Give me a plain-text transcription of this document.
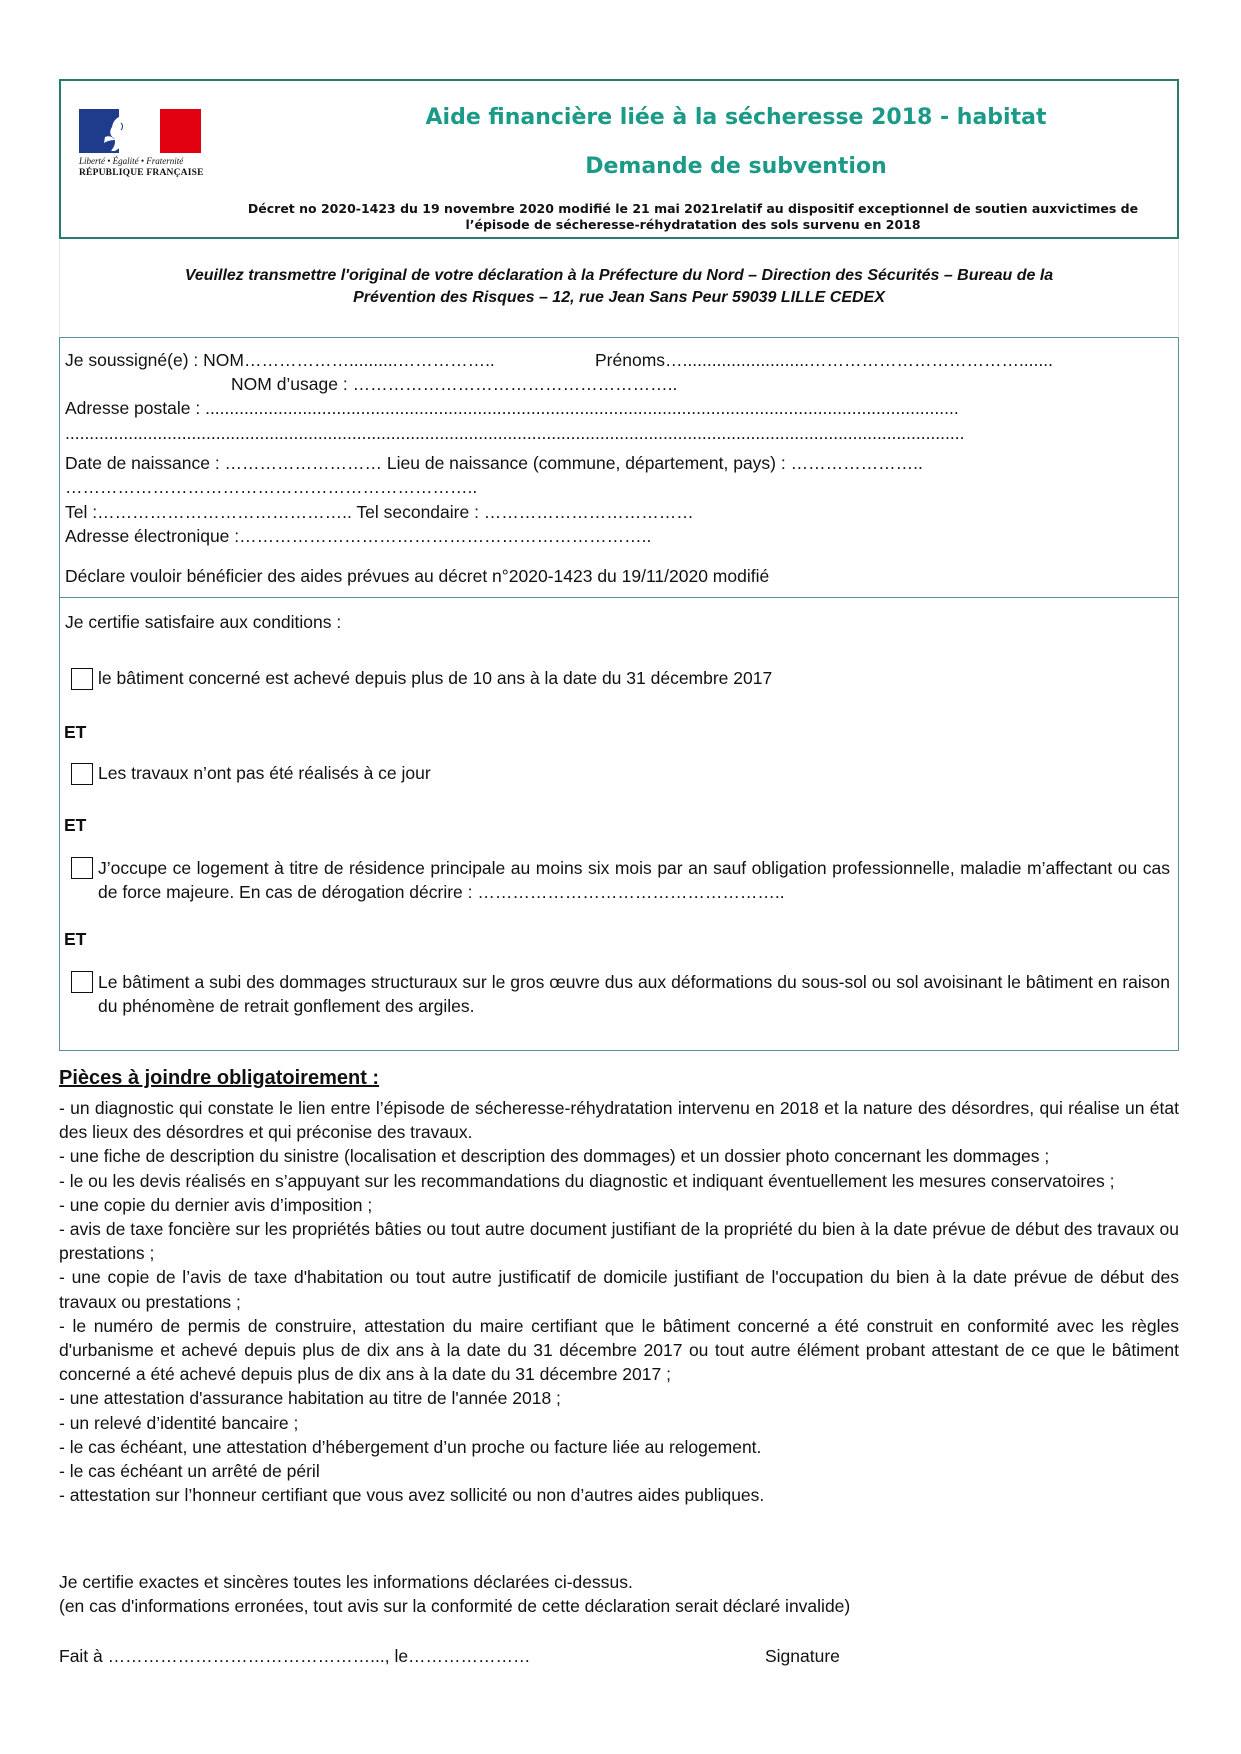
Liberté • Égalité • Fraternité
RÉPUBLIQUE FRANÇAISE
Aide financière liée à la sécheresse 2018 - habitat
Demande de subvention
Décret no 2020-1423 du 19 novembre 2020 modifié le 21 mai 2021relatif au dispositif exceptionnel de soutien auxvictimes de l’épisode de sécheresse-réhydratation des sols survenu en 2018
Veuillez transmettre l'original de votre déclaration à la Préfecture du Nord – Direction des Sécurités – Bureau de la
Prévention des Risques – 12, rue Jean Sans Peur 59039 LILLE CEDEX
Je soussigné(e) : NOM………………..........……………..	Prénoms…..........................……………………………….......
NOM d’usage : ………………………………………………..
Adresse postale : ...........................................................................................................................................................
.........................................................................................................................................................................................
Date de naissance : ……………………… Lieu de naissance (commune, département, pays) : …………………..
……………………………………………………………..
Tel :…………………………………….. Tel secondaire : ………………………………
Adresse électronique :……………………………………………………………..
Déclare vouloir bénéficier des aides prévues au décret n°2020-1423 du 19/11/2020 modifié
Je certifie satisfaire aux conditions :
le bâtiment concerné est achevé depuis plus de 10 ans à la date du 31 décembre 2017
ET
Les travaux n’ont pas été réalisés à ce jour
ET
J’occupe ce logement à titre de résidence principale au moins six mois par an sauf obligation professionnelle, maladie m’affectant ou cas de force majeure. En cas de dérogation décrire : ……………………………………………..
ET
Le bâtiment a subi des dommages structuraux sur le gros œuvre dus aux déformations du sous-sol ou sol avoisinant le bâtiment en raison du phénomène de retrait gonflement des argiles.
Pièces à joindre obligatoirement :
- un diagnostic qui constate le lien entre l’épisode de sécheresse-réhydratation intervenu en 2018 et la nature des désordres, qui réalise un état des lieux des désordres et qui préconise des travaux.
- une fiche de description du sinistre (localisation et description des dommages) et un dossier photo concernant les dommages ;
- le ou les devis réalisés en s’appuyant sur les recommandations du diagnostic et indiquant éventuellement les mesures conservatoires ;
- une copie du dernier avis d’imposition ;
- avis de taxe foncière sur les propriétés bâties ou tout autre document justifiant de la propriété du bien à la date prévue de début des travaux ou prestations ;
- une copie de l’avis de taxe d'habitation ou tout autre justificatif de domicile justifiant de l'occupation du bien à la date prévue de début des travaux ou prestations ;
- le numéro de permis de construire, attestation du maire certifiant que le bâtiment concerné a été construit en conformité avec les règles d'urbanisme et achevé depuis plus de dix ans à la date du 31 décembre 2017 ou tout autre élément probant attestant de ce que le bâtiment concerné a été achevé depuis plus de dix ans à la date du 31 décembre 2017 ;
- une attestation d'assurance habitation au titre de l'année 2018 ;
- un relevé d’identité bancaire ;
- le cas échéant, une attestation d’hébergement d’un proche ou facture liée au relogement.
- le cas échéant un arrêté de péril
- attestation sur l’honneur certifiant que vous avez sollicité ou non d’autres aides publiques.
Je certifie exactes et sincères toutes les informations déclarées ci-dessus.
(en cas d'informations erronées, tout avis sur la conformité de cette déclaration serait déclaré invalide)
Fait à ………………………………………..., le…………………	Signature
